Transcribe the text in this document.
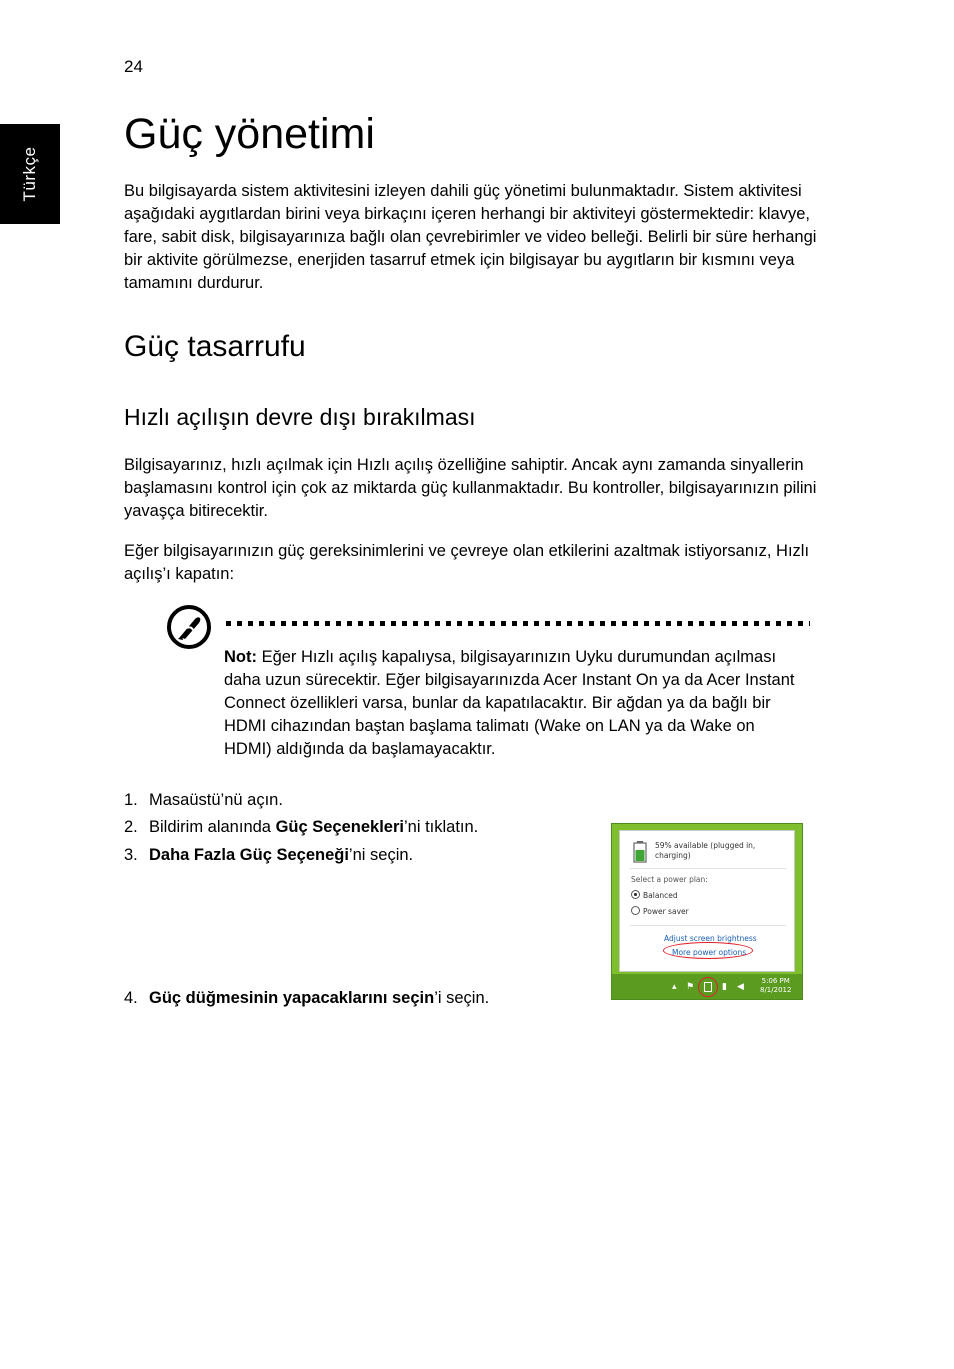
24
Türkçe
Güç yönetimi

Bu bilgisayarda sistem aktivitesini izleyen dahili güç yönetimi bulunmaktadır. Sistem aktivitesi aşağıdaki aygıtlardan birini veya birkaçını içeren herhangi bir aktiviteyi göstermektedir: klavye, fare, sabit disk, bilgisayarınıza bağlı olan çevrebirimler ve video belleği. Belirli bir süre herhangi bir aktivite görülmezse, enerjiden tasarruf etmek için bilgisayar bu aygıtların bir kısmını veya tamamını durdurur.

Güç tasarrufu
Hızlı açılışın devre dışı bırakılması

Bilgisayarınız, hızlı açılmak için Hızlı açılış özelliğine sahiptir. Ancak aynı zamanda sinyallerin başlamasını kontrol için çok az miktarda güç kullanmaktadır. Bu kontroller, bilgisayarınızın pilini yavaşça bitirecektir.

Eğer bilgisayarınızın güç gereksinimlerini ve çevreye olan etkilerini azaltmak istiyorsanız, Hızlı açılış’ı kapatın:

Not: Eğer Hızlı açılış kapalıysa, bilgisayarınızın Uyku durumundan açılması daha uzun sürecektir. Eğer bilgisayarınızda Acer Instant On ya da Acer Instant Connect özellikleri varsa, bunlar da kapatılacaktır. Bir ağdan ya da bağlı bir HDMI cihazından baştan başlama talimatı (Wake on LAN ya da Wake on HDMI) aldığında da başlamayacaktır.

1. Masaüstü’nü açın.
2. Bildirim alanında Güç Seçenekleri’ni tıklatın.
3. Daha Fazla Güç Seçeneği’ni seçin.
4. Güç düğmesinin yapacaklarını seçin’i seçin.
59% available (plugged in, charging)
Select a power plan:
Balanced
Power saver
Adjust screen brightness
More power options
▴ ⚑	▮ ◀	5:06 PM
8/1/2012
